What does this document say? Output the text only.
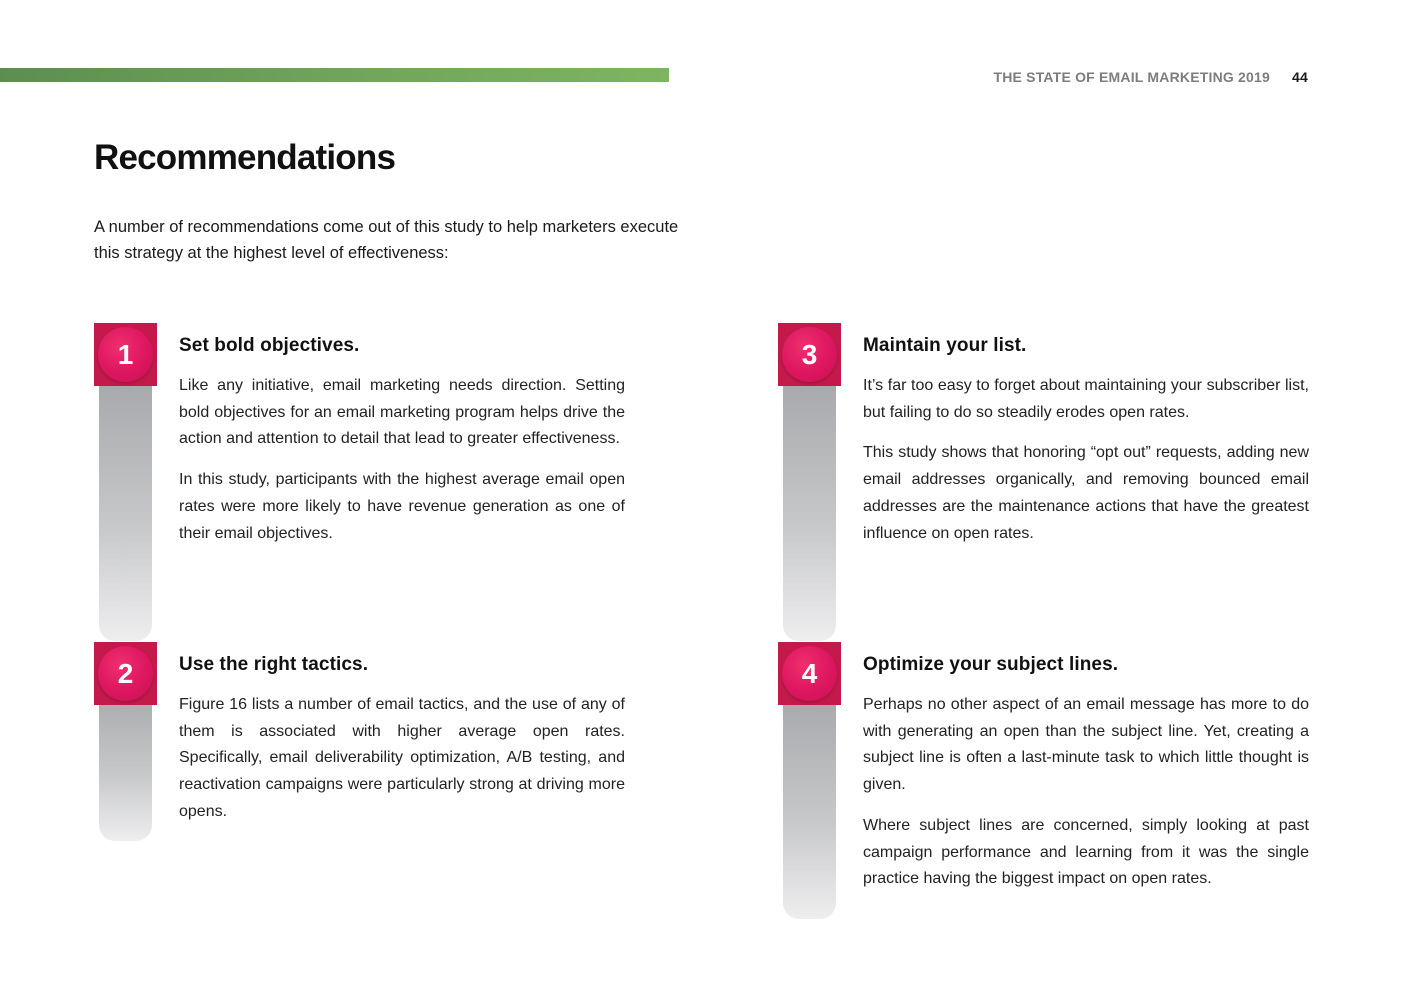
THE STATE OF EMAIL MARKETING 2019 44
Recommendations

A number of recommendations come out of this study to help marketers execute this strategy at the highest level of effectiveness:

1	Set bold objectives.

Like any initiative, email marketing needs direction. Setting bold objectives for an email marketing program helps drive the action and attention to detail that lead to greater effectiveness.

In this study, participants with the highest average email open rates were more likely to have revenue generation as one of their email objectives.

2	Use the right tactics.

Figure 16 lists a number of email tactics, and the use of any of them is associated with higher average open rates. Specifically, email deliverability optimization, A/B testing, and reactivation campaigns were particularly strong at driving more opens.

3	Maintain your list.

It’s far too easy to forget about maintaining your subscriber list, but failing to do so steadily erodes open rates.

This study shows that honoring “opt out” requests, adding new email addresses organically, and removing bounced email addresses are the maintenance actions that have the greatest influence on open rates.

4	Optimize your subject lines.

Perhaps no other aspect of an email message has more to do with generating an open than the subject line. Yet, creating a subject line is often a last-minute task to which little thought is given.

Where subject lines are concerned, simply looking at past campaign performance and learning from it was the single practice having the biggest impact on open rates.
